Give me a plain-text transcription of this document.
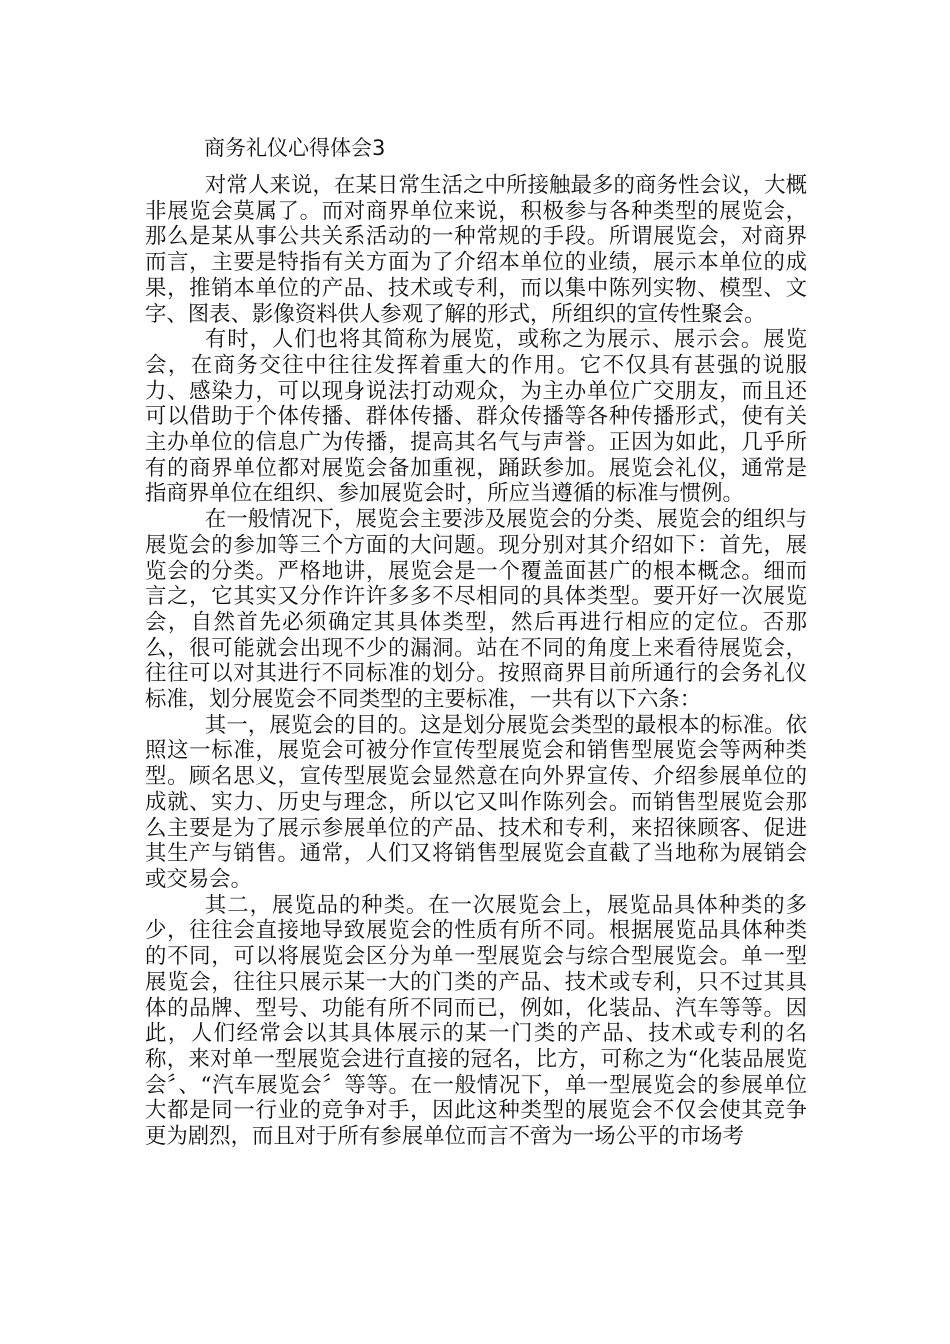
商务礼仪心得体会3

对常人来说，在某日常生活之中所接触最多的商务性会议，大概非展览会莫属了。而对商界单位来说，积极参与各种类型的展览会，那么是某从事公共关系活动的一种常规的手段。所谓展览会，对商界而言，主要是特指有关方面为了介绍本单位的业绩，展示本单位的成果，推销本单位的产品、技术或专利，而以集中陈列实物、模型、文字、图表、影像资料供人参观了解的形式，所组织的宣传性聚会。

有时，人们也将其简称为展览，或称之为展示、展示会。展览会，在商务交往中往往发挥着重大的作用。它不仅具有甚强的说服力、感染力，可以现身说法打动观众，为主办单位广交朋友，而且还可以借助于个体传播、群体传播、群众传播等各种传播形式，使有关主办单位的信息广为传播，提高其名气与声誉。正因为如此，几乎所有的商界单位都对展览会备加重视，踊跃参加。展览会礼仪，通常是指商界单位在组织、参加展览会时，所应当遵循的标准与惯例。

在一般情况下，展览会主要涉及展览会的分类、展览会的组织与展览会的参加等三个方面的大问题。现分别对其介绍如下：首先，展览会的分类。严格地讲，展览会是一个覆盖面甚广的根本概念。细而言之，它其实又分作许许多多不尽相同的具体类型。要开好一次展览会，自然首先必须确定其具体类型，然后再进行相应的定位。否那么，很可能就会出现不少的漏洞。站在不同的角度上来看待展览会，往往可以对其进行不同标准的划分。按照商界目前所通行的会务礼仪标准，划分展览会不同类型的主要标准，一共有以下六条：

其一，展览会的目的。这是划分展览会类型的最根本的标准。依照这一标准，展览会可被分作宣传型展览会和销售型展览会等两种类型。顾名思义，宣传型展览会显然意在向外界宣传、介绍参展单位的成就、实力、历史与理念，所以它又叫作陈列会。而销售型展览会那么主要是为了展示参展单位的产品、技术和专利，来招徕顾客、促进其生产与销售。通常，人们又将销售型展览会直截了当地称为展销会或交易会。

其二，展览品的种类。在一次展览会上，展览品具体种类的多少，往往会直接地导致展览会的性质有所不同。根据展览品具体种类的不同，可以将展览会区分为单一型展览会与综合型展览会。单一型展览会，往往只展示某一大的门类的产品、技术或专利，只不过其具体的品牌、型号、功能有所不同而已，例如，化装品、汽车等等。因此，人们经常会以其具体展示的某一门类的产品、技术或专利的名称，来对单一型展览会进行直接的冠名，比方，可称之为“化装品展览会〞、“汽车展览会〞等等。在一般情况下，单一型展览会的参展单位大都是同一行业的竞争对手，因此这种类型的展览会不仅会使其竞争更为剧烈，而且对于所有参展单位而言不啻为一场公平的市场考
